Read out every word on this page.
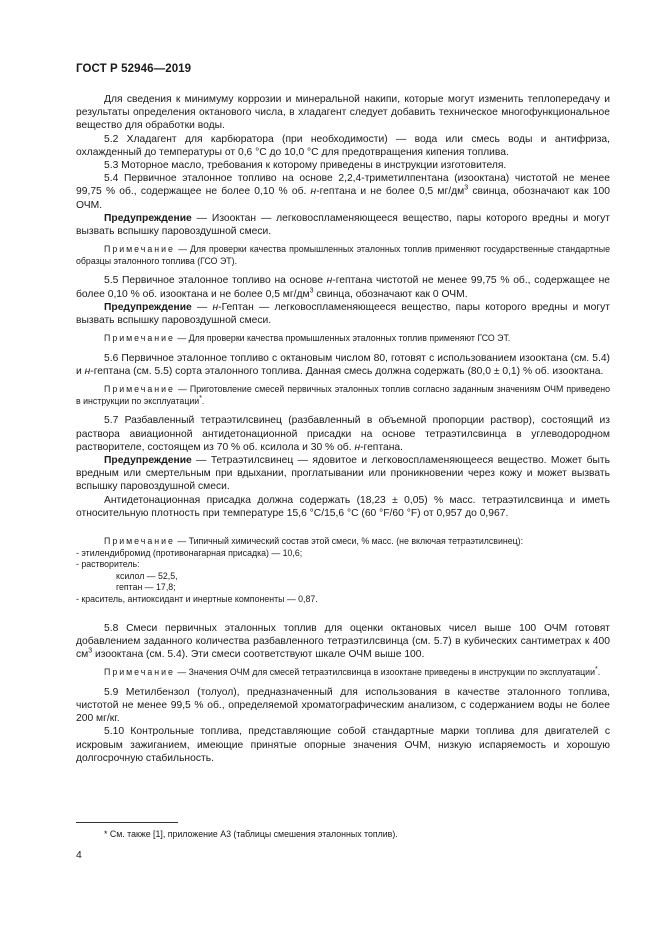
ГОСТ Р 52946—2019

Для сведения к минимуму коррозии и минеральной накипи, которые могут изменить теплопередачу и результаты определения октанового числа, в хладагент следует добавить техническое многофункциональное вещество для обработки воды.

5.2 Хладагент для карбюратора (при необходимости) — вода или смесь воды и антифриза, охлажденный до температуры от 0,6 °С до 10,0 °С для предотвращения кипения топлива.

5.3 Моторное масло, требования к которому приведены в инструкции изготовителя.

5.4 Первичное эталонное топливо на основе 2,2,4-триметилпентана (изооктана) чистотой не менее 99,75 % об., содержащее не более 0,10 % об. н-гептана и не более 0,5 $мг/дм^3$ свинца, обозначают как 100 ОЧМ.

Предупреждение — Изооктан — легковоспламеняющееся вещество, пары которого вредны и могут вызвать вспышку паровоздушной смеси.

Примечание — Для проверки качества промышленных эталонных топлив применяют государственные стандартные образцы эталонного топлива (ГСО ЭТ).

5.5 Первичное эталонное топливо на основе н-гептана чистотой не менее 99,75 % об., содержащее не более 0,10 % об. изооктана и не более 0,5 $мг/дм^3$ свинца, обозначают как 0 ОЧМ.

Предупреждение — н-Гептан — легковоспламеняющееся вещество, пары которого вредны и могут вызвать вспышку паровоздушной смеси.

Примечание — Для проверки качества промышленных эталонных топлив применяют ГСО ЭТ.

5.6 Первичное эталонное топливо с октановым числом 80, готовят с использованием изооктана (см. 5.4) и н-гептана (см. 5.5) сорта эталонного топлива. Данная смесь должна содержать (80,0 ± 0,1) % об. изооктана.

Примечание — Приготовление смесей первичных эталонных топлив согласно заданным значениям ОЧМ приведено в инструкции по эксплуатации*.

5.7 Разбавленный тетраэтилсвинец (разбавленный в объемной пропорции раствор), состоящий из раствора авиационной антидетонационной присадки на основе тетраэтилсвинца в углеводородном растворителе, состоящем из 70 % об. ксилола и 30 % об. н-гептана.

Предупреждение — Тетраэтилсвинец — ядовитое и легковоспламеняющееся вещество. Может быть вредным или смертельным при вдыхании, проглатывании или проникновении через кожу и может вызвать вспышку паровоздушной смеси.

Антидетонационная присадка должна содержать (18,23 ± 0,05) % масс. тетраэтилсвинца и иметь относительную плотность при температуре 15,6 °С/15,6 °С (60 °F/60 °F) от 0,957 до 0,967.

Примечание — Типичный химический состав этой смеси, % масс. (не включая тетраэтилсвинец):

- этилендибромид (противонагарная присадка) — 10,6;
- растворитель:
ксилол — 52,5,
гептан — 17,8;
- краситель, антиоксидант и инертные компоненты — 0,87.

5.8 Смеси первичных эталонных топлив для оценки октановых чисел выше 100 ОЧМ готовят добавлением заданного количества разбавленного тетраэтилсвинца (см. 5.7) в кубических сантиметрах к 400 $см^3$ изооктана (см. 5.4). Эти смеси соответствуют шкале ОЧМ выше 100.

Примечание — Значения ОЧМ для смесей тетраэтилсвинца в изооктане приведены в инструкции по эксплуатации*.

5.9 Метилбензол (толуол), предназначенный для использования в качестве эталонного топлива, чистотой не менее 99,5 % об., определяемой хроматографическим анализом, с содержанием воды не более 200 мг/кг.

5.10 Контрольные топлива, представляющие собой стандартные марки топлива для двигателей с искровым зажиганием, имеющие принятые опорные значения ОЧМ, низкую испаряемость и хорошую долгосрочную стабильность.

* См. также [1], приложение А3 (таблицы смешения эталонных топлив).
4
